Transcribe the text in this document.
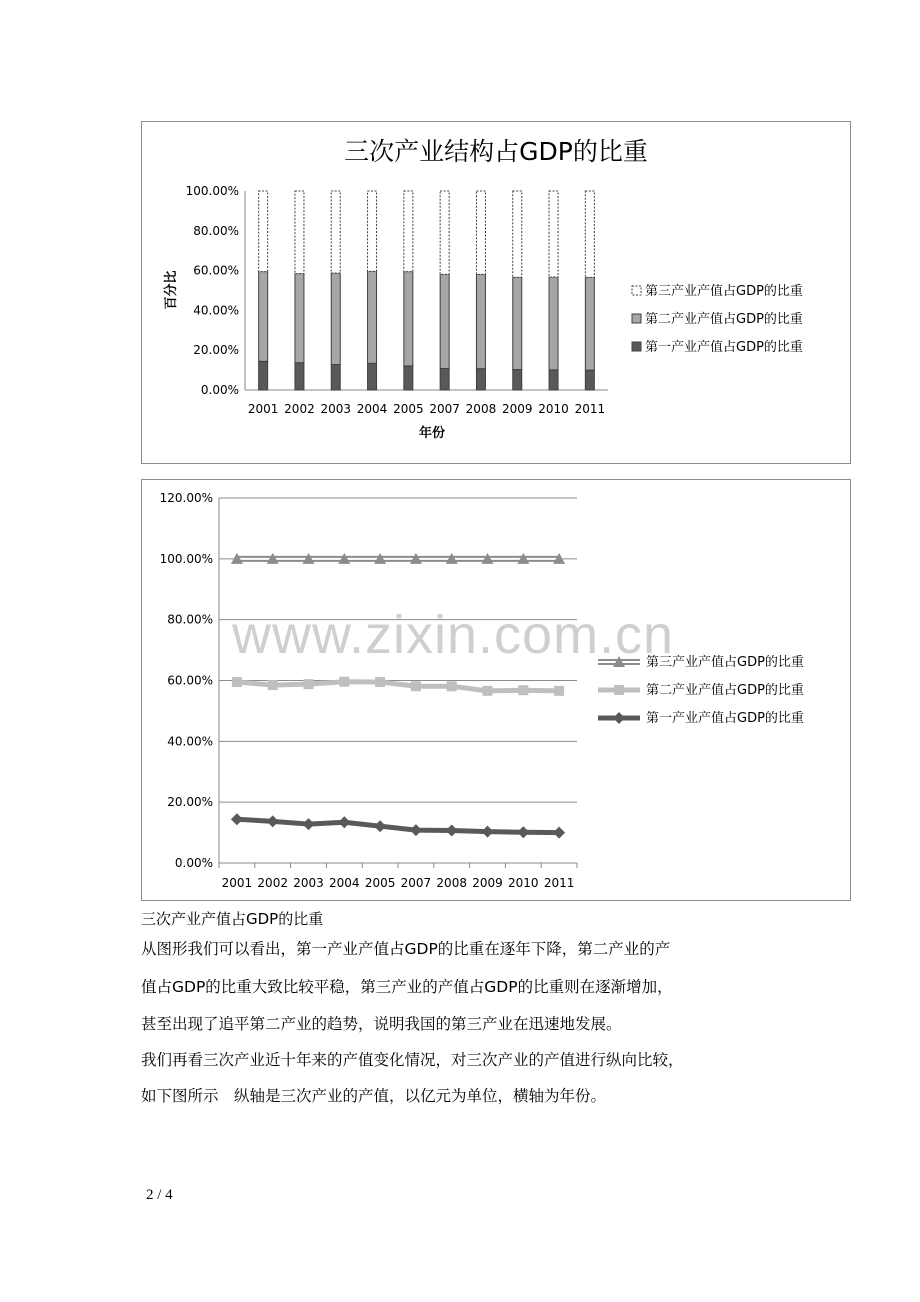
三次产业结构占GDP的比重
0.00%
20.00%
40.00%
60.00%
80.00%
100.00%
2001 2002 2003 2004 2005 2007 2008 2009 2010 2011
年份
百分比	第三产业产值占GDP的比重
第二产业产值占GDP的比重
第一产业产值占GDP的比重
0.00%
20.00%
40.00%
60.00%
80.00%
100.00%
120.00%
2001 2002 2003 2004 2005 2007 2008 2009 2010 2011
第三产业产值占GDP的比重
第二产业产值占GDP的比重
第一产业产值占GDP的比重
www.zixin.com.cn
三次产业产值占GDP的比重
从图形我们可以看出，第一产业产值占GDP的比重在逐年下降，第二产业的产
值占GDP的比重大致比较平稳，第三产业的产值占GDP的比重则在逐渐增加，
甚至出现了追平第二产业的趋势，说明我国的第三产业在迅速地发展。
我们再看三次产业近十年来的产值变化情况，对三次产业的产值进行纵向比较，
如下图所示　纵轴是三次产业的产值，以亿元为单位，横轴为年份。
2 / 4
